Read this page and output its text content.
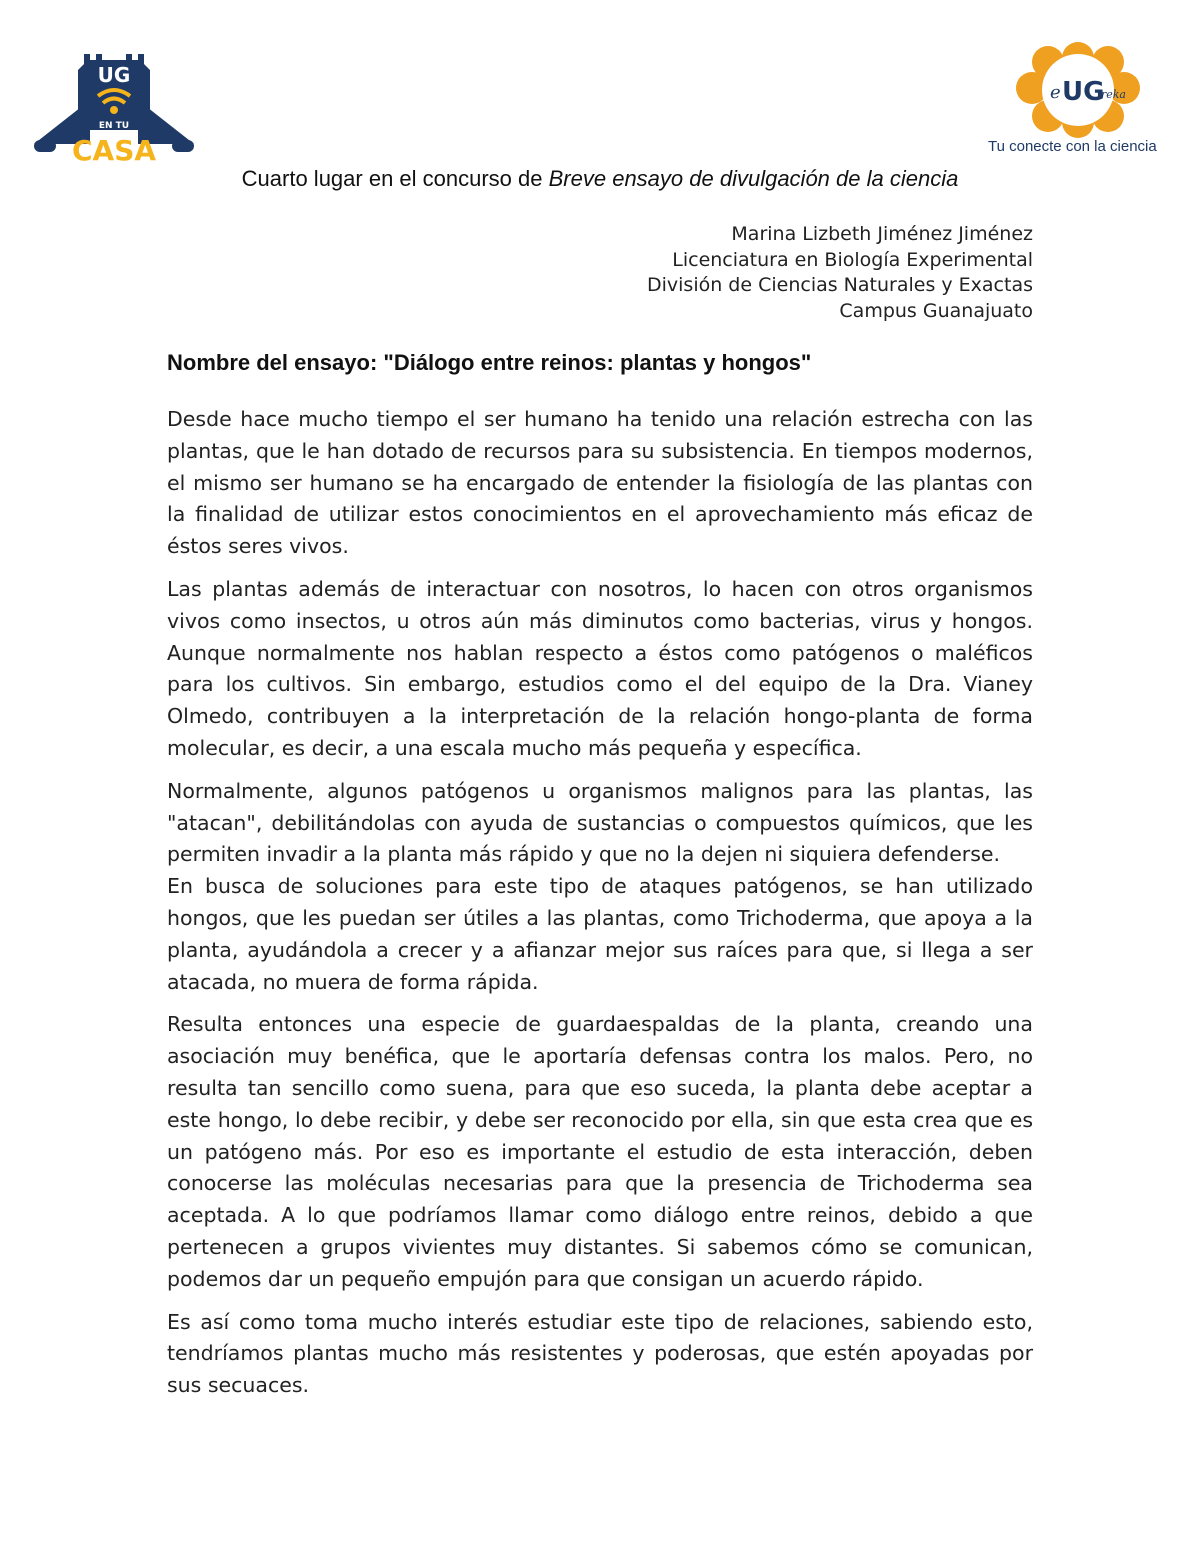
UG
EN TU
CASA
e UG
reka
Tu conecte con la ciencia
Cuarto lugar en el concurso de Breve ensayo de divulgación de la ciencia
Marina Lizbeth Jiménez Jiménez
Licenciatura en Biología Experimental
División de Ciencias Naturales y Exactas
Campus Guanajuato
Nombre del ensayo: "Diálogo entre reinos: plantas y hongos"

Desde hace mucho tiempo el ser humano ha tenido una relación estrecha con las plantas, que le han dotado de recursos para su subsistencia. En tiempos modernos, el mismo ser humano se ha encargado de entender la fisiología de las plantas con la finalidad de utilizar estos conocimientos en el aprovechamiento más eficaz de éstos seres vivos.

Las plantas además de interactuar con nosotros, lo hacen con otros organismos vivos como insectos, u otros aún más diminutos como bacterias, virus y hongos. Aunque normalmente nos hablan respecto a éstos como patógenos o maléficos para los cultivos. Sin embargo, estudios como el del equipo de la Dra. Vianey Olmedo, contribuyen a la interpretación de la relación hongo-planta de forma molecular, es decir, a una escala mucho más pequeña y específica.

Normalmente, algunos patógenos u organismos malignos para las plantas, las "atacan", debilitándolas con ayuda de sustancias o compuestos químicos, que les permiten invadir a la planta más rápido y que no la dejen ni siquiera defenderse.

En busca de soluciones para este tipo de ataques patógenos, se han utilizado hongos, que les puedan ser útiles a las plantas, como Trichoderma, que apoya a la planta, ayudándola a crecer y a afianzar mejor sus raíces para que, si llega a ser atacada, no muera de forma rápida.

Resulta entonces una especie de guardaespaldas de la planta, creando una asociación muy benéfica, que le aportaría defensas contra los malos. Pero, no resulta tan sencillo como suena, para que eso suceda, la planta debe aceptar a este hongo, lo debe recibir, y debe ser reconocido por ella, sin que esta crea que es un patógeno más. Por eso es importante el estudio de esta interacción, deben conocerse las moléculas necesarias para que la presencia de Trichoderma sea aceptada. A lo que podríamos llamar como diálogo entre reinos, debido a que pertenecen a grupos vivientes muy distantes. Si sabemos cómo se comunican, podemos dar un pequeño empujón para que consigan un acuerdo rápido.

Es así como toma mucho interés estudiar este tipo de relaciones, sabiendo esto, tendríamos plantas mucho más resistentes y poderosas, que estén apoyadas por sus secuaces.
